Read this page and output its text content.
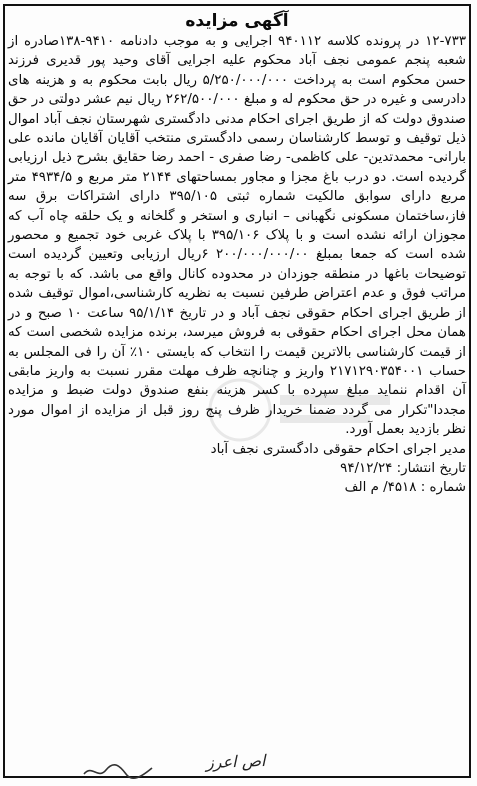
آگهی مزایده

۱۲-۷۳۳ در پرونده کلاسه ۹۴۰۱۱۲ اجرایی و به موجب دادنامه ۹۴۱۰-۱۳۸صادره از شعبه پنجم عمومی نجف آباد محکوم علیه اجرایی آقای وحید پور قدیری فرزند حسن محکوم است به پرداخت ۵/۲۵۰/۰۰۰/۰۰۰ ریال بابت محکوم به و هزینه های دادرسی و غیره در حق محکوم له و مبلغ ۲۶۲/۵۰۰/۰۰۰ ریال نیم عشر دولتی در حق صندوق دولت که از طریق اجرای احکام مدنی دادگستری شهرستان نجف آباد اموال ذیل توقیف و توسط کارشناسان رسمی دادگستری منتخب آقایان آقایان مانده علی بارانی- محمدتدین- علی کاظمی- رضا صفری - احمد رضا حقایق بشرح ذیل ارزیابی گردیده است. دو درب باغ مجزا و مجاور بمساحتهای ۲۱۴۴ متر مربع و ۴۹۳۴/۵ متر مربع دارای سوابق مالکیت شماره ثبتی ۳۹۵/۱۰۵ دارای اشتراکات برق سه فاز،ساختمان مسکونی نگهبانی – انباری و استخر و گلخانه و یک حلقه چاه آب که مجوزان ارائه نشده است و با پلاک ۳۹۵/۱۰۶ با پلاک غربی خود تجمیع و محصور شده است که جمعا بمبلغ ۲۰۰/۰۰۰/۰۰۰/۰۰ ۶ریال ارزیابی وتعیین گردیده است توضیحات باغها در منطقه جوزدان در محدوده کانال واقع می باشد. که با توجه به مراتب فوق و عدم اعتراض طرفین نسبت به نظریه کارشناسی،اموال توقیف شده از طریق اجرای احکام حقوقی نجف آباد و در تاریخ ۹۵/۱/۱۴ ساعت ۱۰ صبح و در همان محل اجرای احکام حقوقی به فروش میرسد، برنده مزایده شخصی است که از قیمت کارشناسی بالاترین قیمت را انتخاب که بایستی ۱۰٪ آن را فی المجلس به حساب ۲۱۷۱۲۹۰۳۵۴۰۰۱ واریز و چنانچه ظرف مهلت مقرر نسبت به واریز مابقی آن اقدام ننماید مبلغ سپرده با کسر هزینه بنفع صندوق دولت ضبط و مزایده مجددا"تکرار می گردد ضمنا خریدار ظرف پنج روز قبل از مزایده از اموال مورد نظر بازدید بعمل آورد.

مدیر اجرای احکام حقوقی دادگستری نجف آباد

تاریخ انتشار: ۹۴/۱۲/۲۴

شماره : ۴۵۱۸/ م الف

اص اعرز
